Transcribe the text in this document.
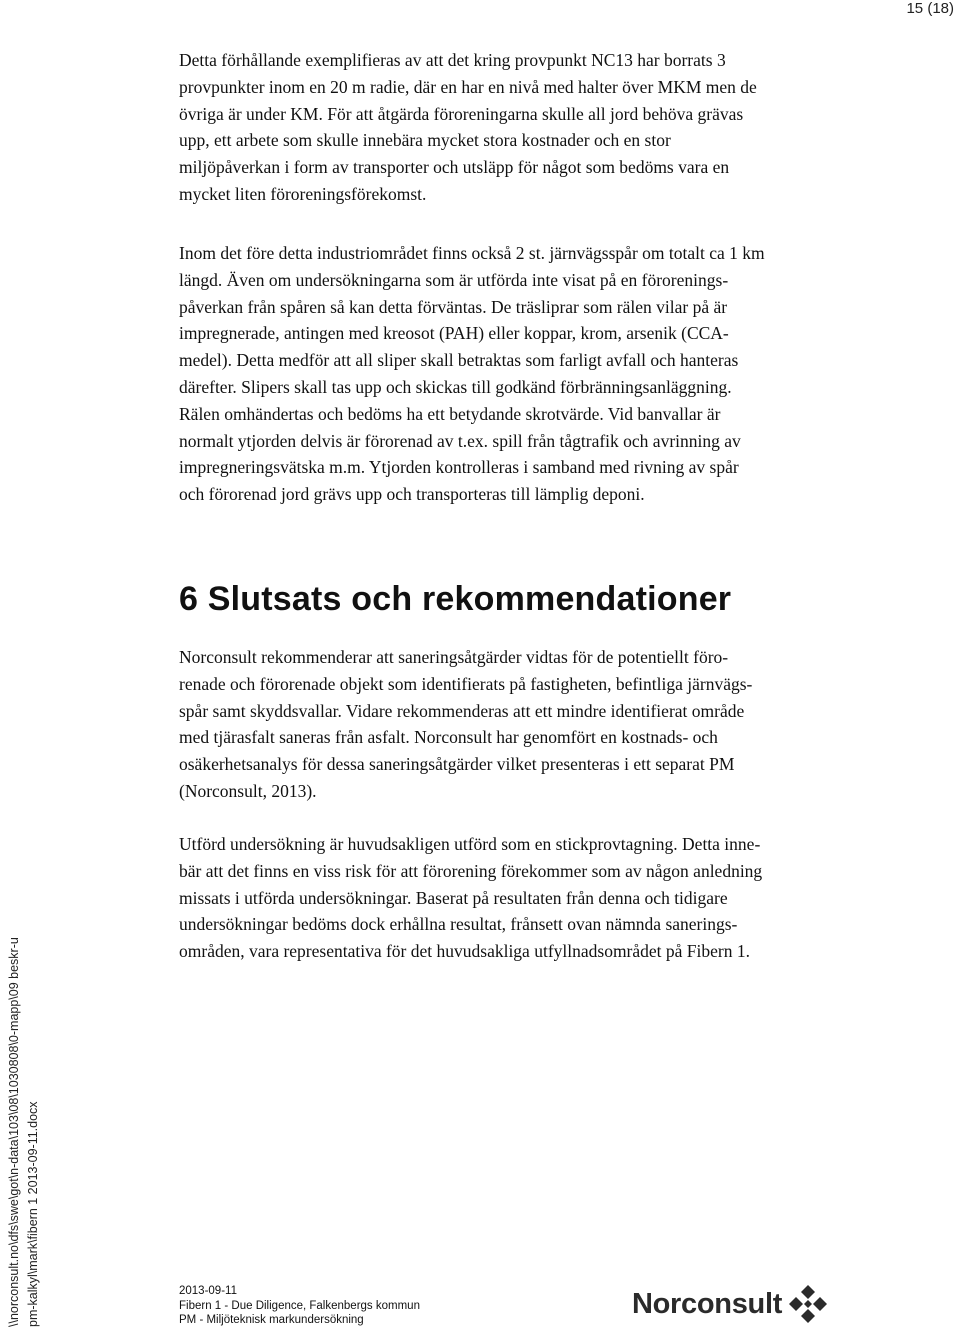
15 (18)

Detta förhållande exemplifieras av att det kring provpunkt NC13 har borrats 3
provpunkter inom en 20 m radie, där en har en nivå med halter över MKM men de
övriga är under KM. För att åtgärda föroreningarna skulle all jord behöva grävas
upp, ett arbete som skulle innebära mycket stora kostnader och en stor
miljöpåverkan i form av transporter och utsläpp för något som bedöms vara en
mycket liten föroreningsförekomst.

Inom det före detta industriområdet finns också 2 st. järnvägsspår om totalt ca 1 km
längd. Även om undersökningarna som är utförda inte visat på en förorenings-
påverkan från spåren så kan detta förväntas. De träsliprar som rälen vilar på är
impregnerade, antingen med kreosot (PAH) eller koppar, krom, arsenik (CCA-
medel). Detta medför att all sliper skall betraktas som farligt avfall och hanteras
därefter. Slipers skall tas upp och skickas till godkänd förbränningsanläggning.
Rälen omhändertas och bedöms ha ett betydande skrotvärde. Vid banvallar är
normalt ytjorden delvis är förorenad av t.ex. spill från tågtrafik och avrinning av
impregneringsvätska m.m. Ytjorden kontrolleras i samband med rivning av spår
och förorenad jord grävs upp och transporteras till lämplig deponi.

6 Slutsats och rekommendationer

Norconsult rekommenderar att saneringsåtgärder vidtas för de potentiellt föro-
renade och förorenade objekt som identifierats på fastigheten, befintliga järnvägs-
spår samt skyddsvallar. Vidare rekommenderas att ett mindre identifierat område
med tjärasfalt saneras från asfalt. Norconsult har genomfört en kostnads- och
osäkerhetsanalys för dessa saneringsåtgärder vilket presenteras i ett separat PM
(Norconsult, 2013).

Utförd undersökning är huvudsakligen utförd som en stickprovtagning. Detta inne-
bär att det finns en viss risk för att förorening förekommer som av någon anledning
missats i utförda undersökningar. Baserat på resultaten från denna och tidigare
undersökningar bedöms dock erhållna resultat, frånsett ovan nämnda sanerings-
områden, vara representativa för det huvudsakliga utfyllnadsområdet på Fibern 1.

\\norconsult.no\dfs\swe\got\n-data\103\08\1030808\0-mapp\09 beskr-utredn- pm-kalkyl\mark\fibern 1 2013-09-11.docx	2013-09-11
Fibern 1 - Due Diligence, Falkenbergs kommun
PM - Miljöteknisk markundersökning
Norconsult
